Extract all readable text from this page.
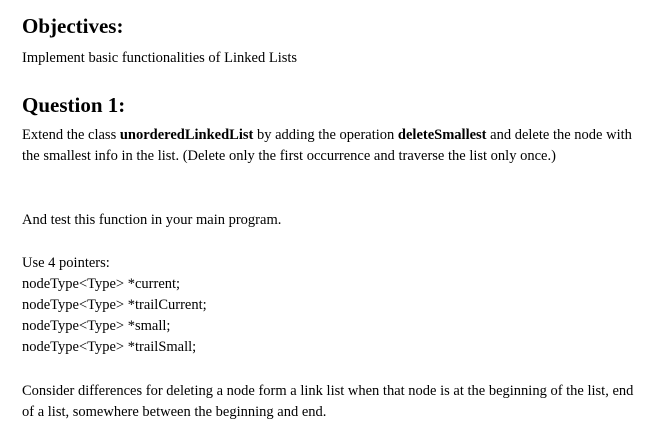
Objectives:

Implement basic functionalities of Linked Lists

Question 1:

Extend the class unorderedLinkedList by adding the operation deleteSmallest and delete the node with the smallest info in the list. (Delete only the first occurrence and traverse the list only once.)

And test this function in your main program.

Use 4 pointers:

nodeType<Type> *current;

nodeType<Type> *trailCurrent;

nodeType<Type> *small;

nodeType<Type> *trailSmall;

Consider differences for deleting a node form a link list when that node is at the beginning of the list, end of a list, somewhere between the beginning and end.
